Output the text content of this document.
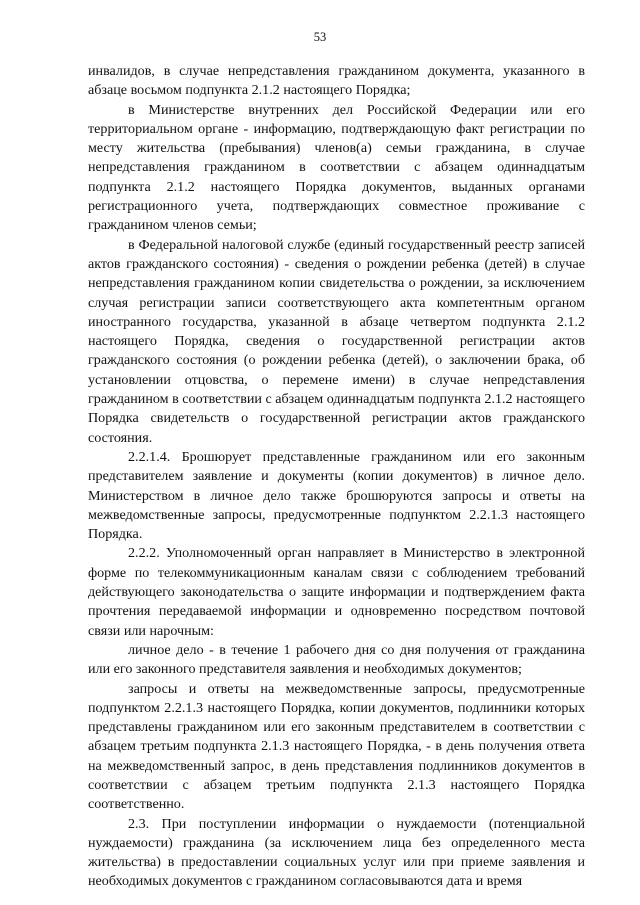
53

инвалидов, в случае непредставления гражданином документа, указанного в абзаце восьмом подпункта 2.1.2 настоящего Порядка;

в Министерстве внутренних дел Российской Федерации или его территориальном органе - информацию, подтверждающую факт регистрации по месту жительства (пребывания) членов(а) семьи гражданина, в случае непредставления гражданином в соответствии с абзацем одиннадцатым подпункта 2.1.2 настоящего Порядка документов, выданных органами регистрационного учета, подтверждающих совместное проживание с гражданином членов семьи;

в Федеральной налоговой службе (единый государственный реестр записей актов гражданского состояния) - сведения о рождении ребенка (детей) в случае непредставления гражданином копии свидетельства о рождении, за исключением случая регистрации записи соответствующего акта компетентным органом иностранного государства, указанной в абзаце четвертом подпункта 2.1.2 настоящего Порядка, сведения о государственной регистрации актов гражданского состояния (о рождении ребенка (детей), о заключении брака, об установлении отцовства, о перемене имени) в случае непредставления гражданином в соответствии с абзацем одиннадцатым подпункта 2.1.2 настоящего Порядка свидетельств о государственной регистрации актов гражданского состояния.

2.2.1.4. Брошюрует представленные гражданином или его законным представителем заявление и документы (копии документов) в личное дело. Министерством в личное дело также брошюруются запросы и ответы на межведомственные запросы, предусмотренные подпунктом 2.2.1.3 настоящего Порядка.

2.2.2. Уполномоченный орган направляет в Министерство в электронной форме по телекоммуникационным каналам связи с соблюдением требований действующего законодательства о защите информации и подтверждением факта прочтения передаваемой информации и одновременно посредством почтовой связи или нарочным:

личное дело - в течение 1 рабочего дня со дня получения от гражданина или его законного представителя заявления и необходимых документов;

запросы и ответы на межведомственные запросы, предусмотренные подпунктом 2.2.1.3 настоящего Порядка, копии документов, подлинники которых представлены гражданином или его законным представителем в соответствии с абзацем третьим подпункта 2.1.3 настоящего Порядка, - в день получения ответа на межведомственный запрос, в день представления подлинников документов в соответствии с абзацем третьим подпункта 2.1.3 настоящего Порядка соответственно.

2.3. При поступлении информации о нуждаемости (потенциальной нуждаемости) гражданина (за исключением лица без определенного места жительства) в предоставлении социальных услуг или при приеме заявления и необходимых документов с гражданином согласовываются дата и время
